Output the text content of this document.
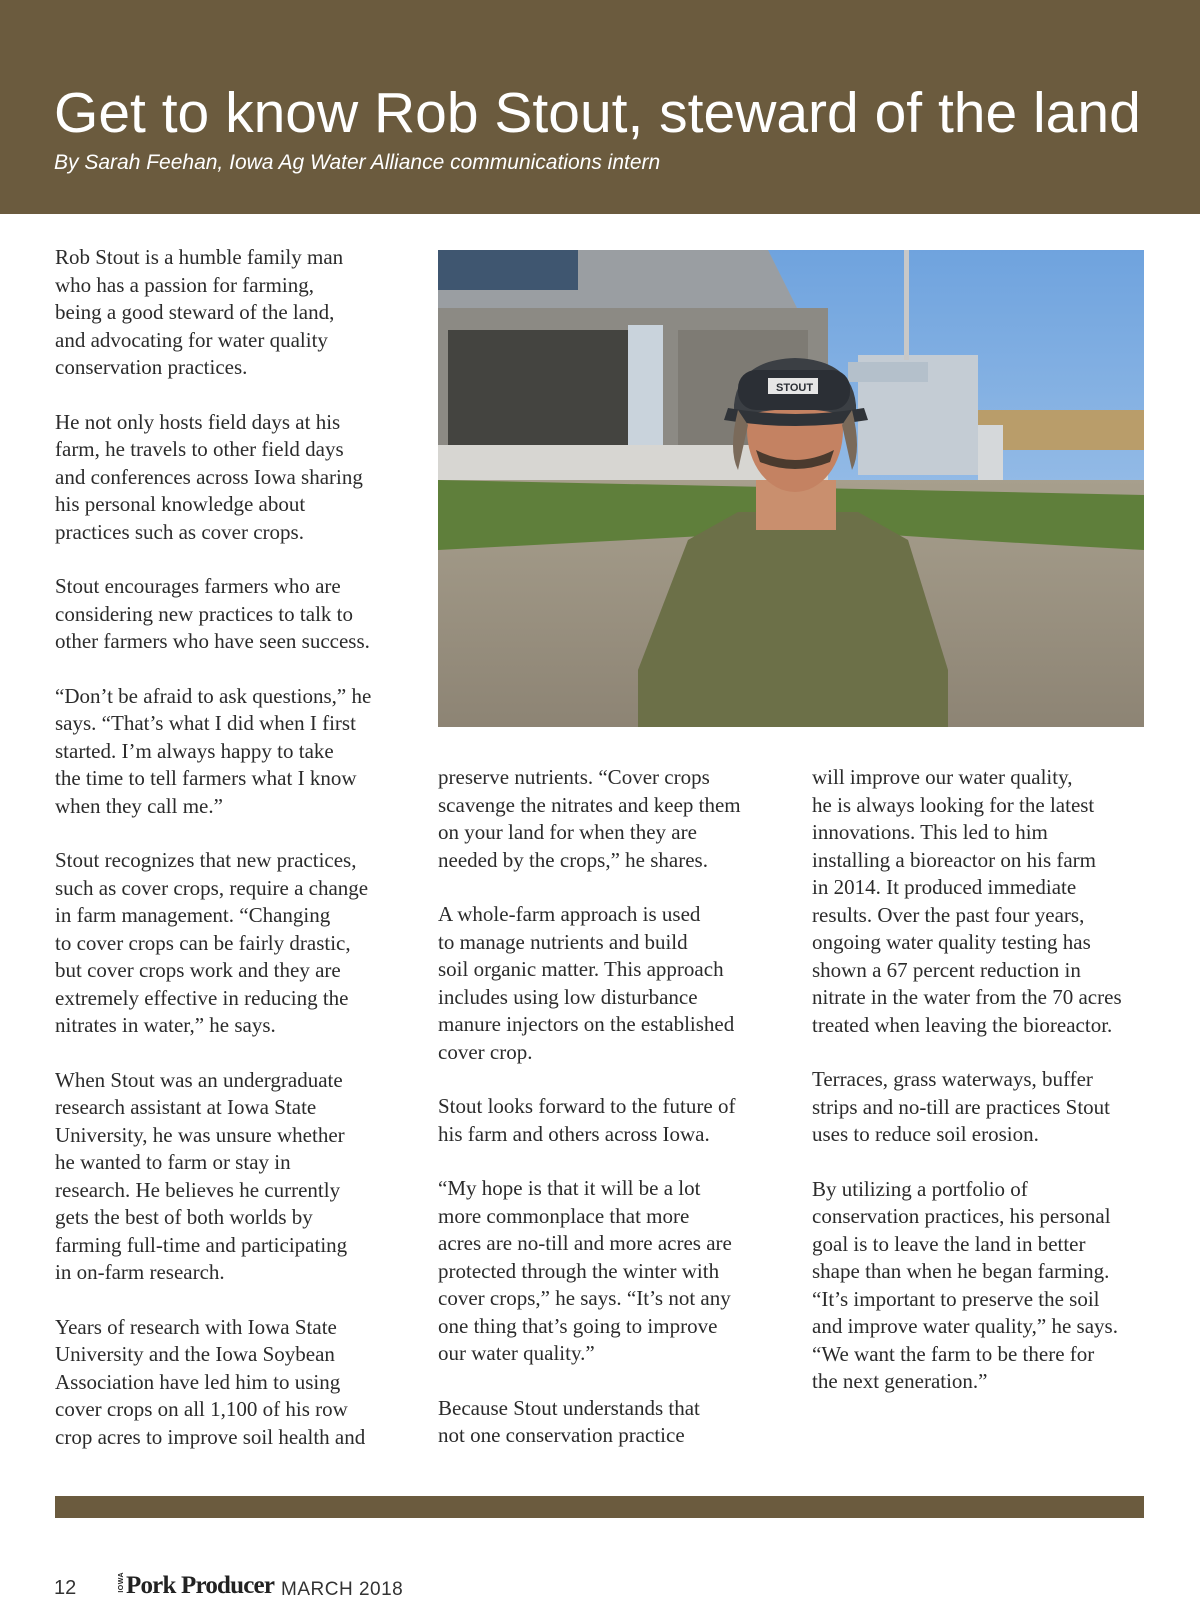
Get to know Rob Stout, steward of the land
By Sarah Feehan, Iowa Ag Water Alliance communications intern

Rob Stout is a humble family man
who has a passion for farming,
being a good steward of the land,
and advocating for water quality
conservation practices.

He not only hosts field days at his
farm, he travels to other field days
and conferences across Iowa sharing
his personal knowledge about
practices such as cover crops.

Stout encourages farmers who are
considering new practices to talk to
other farmers who have seen success.

“Don’t be afraid to ask questions,” he
says. “That’s what I did when I first
started. I’m always happy to take
the time to tell farmers what I know
when they call me.”

Stout recognizes that new practices,
such as cover crops, require a change
in farm management. “Changing
to cover crops can be fairly drastic,
but cover crops work and they are
extremely effective in reducing the
nitrates in water,” he says.

When Stout was an undergraduate
research assistant at Iowa State
University, he was unsure whether
he wanted to farm or stay in
research. He believes he currently
gets the best of both worlds by
farming full-time and participating
in on-farm research.

Years of research with Iowa State
University and the Iowa Soybean
Association have led him to using
cover crops on all 1,100 of his row
crop acres to improve soil health and

STOUT

preserve nutrients. “Cover crops
scavenge the nitrates and keep them
on your land for when they are
needed by the crops,” he shares.

A whole-farm approach is used
to manage nutrients and build
soil organic matter. This approach
includes using low disturbance
manure injectors on the established
cover crop.

Stout looks forward to the future of
his farm and others across Iowa.

“My hope is that it will be a lot
more commonplace that more
acres are no-till and more acres are
protected through the winter with
cover crops,” he says. “It’s not any
one thing that’s going to improve
our water quality.”

Because Stout understands that
not one conservation practice

will improve our water quality,
he is always looking for the latest
innovations. This led to him
installing a bioreactor on his farm
in 2014. It produced immediate
results. Over the past four years,
ongoing water quality testing has
shown a 67 percent reduction in
nitrate in the water from the 70 acres
treated when leaving the bioreactor.

Terraces, grass waterways, buffer
strips and no-till are practices Stout
uses to reduce soil erosion.

By utilizing a portfolio of
conservation practices, his personal
goal is to leave the land in better
shape than when he began farming.
“It’s important to preserve the soil
and improve water quality,” he says.
“We want the farm to be there for
the next generation.”

12	IOWAPork Producer MARCH 2018
